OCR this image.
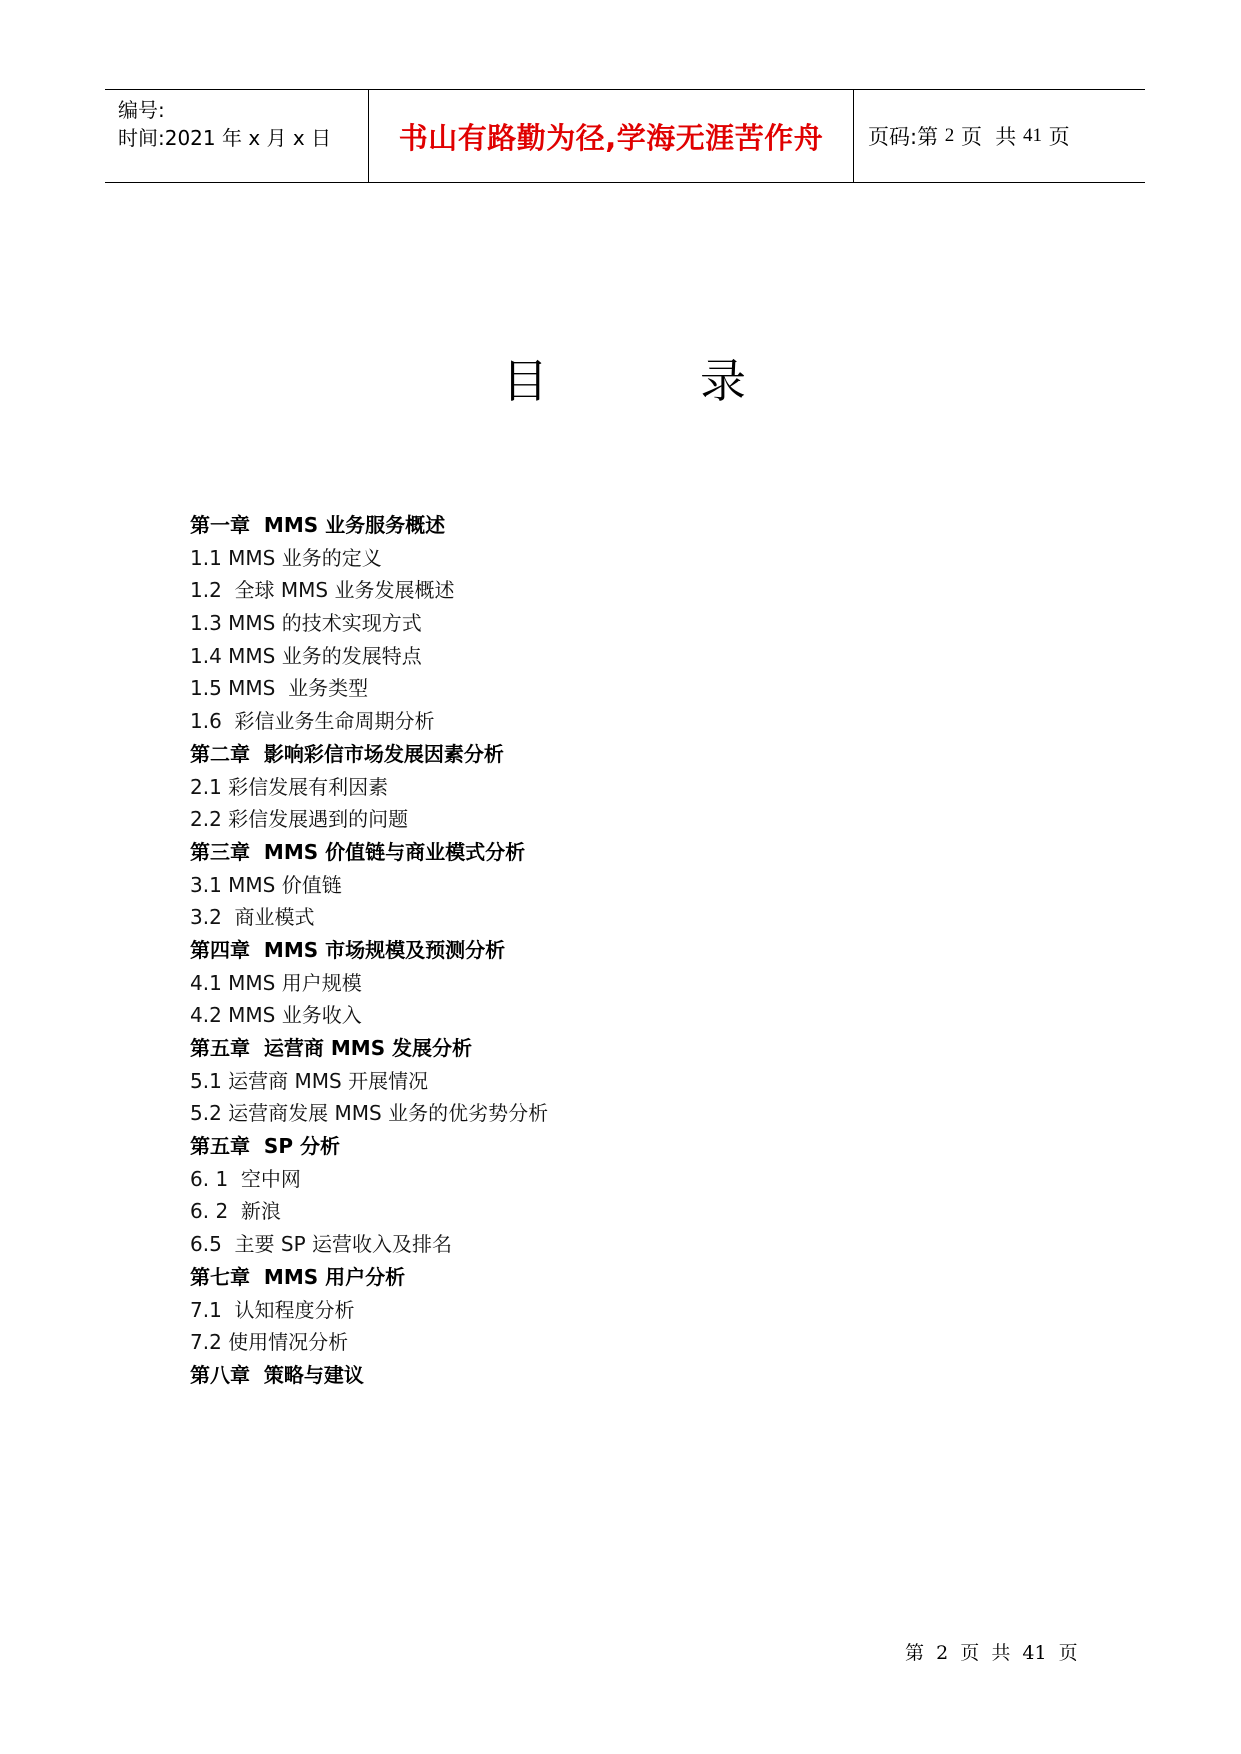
编号:
时间:2021 年 x 月 x 日 书山有路勤为径,学海无涯苦作舟 页码:第 2 页  共 41 页
目	录
第一章  MMS 业务服务概述
1.1 MMS 业务的定义
1.2  全球 MMS 业务发展概述
1.3 MMS 的技术实现方式
1.4 MMS 业务的发展特点
1.5 MMS  业务类型
1.6  彩信业务生命周期分析
第二章  影响彩信市场发展因素分析
2.1 彩信发展有利因素
2.2 彩信发展遇到的问题
第三章  MMS 价值链与商业模式分析
3.1 MMS 价值链
3.2  商业模式
第四章  MMS 市场规模及预测分析
4.1 MMS 用户规模
4.2 MMS 业务收入
第五章  运营商 MMS 发展分析
5.1 运营商 MMS 开展情况
5.2 运营商发展 MMS 业务的优劣势分析
第五章  SP 分析
6. 1  空中网
6. 2  新浪
6.5  主要 SP 运营收入及排名
第七章  MMS 用户分析
7.1  认知程度分析
7.2 使用情况分析
第八章  策略与建议
第  2  页  共  41  页
